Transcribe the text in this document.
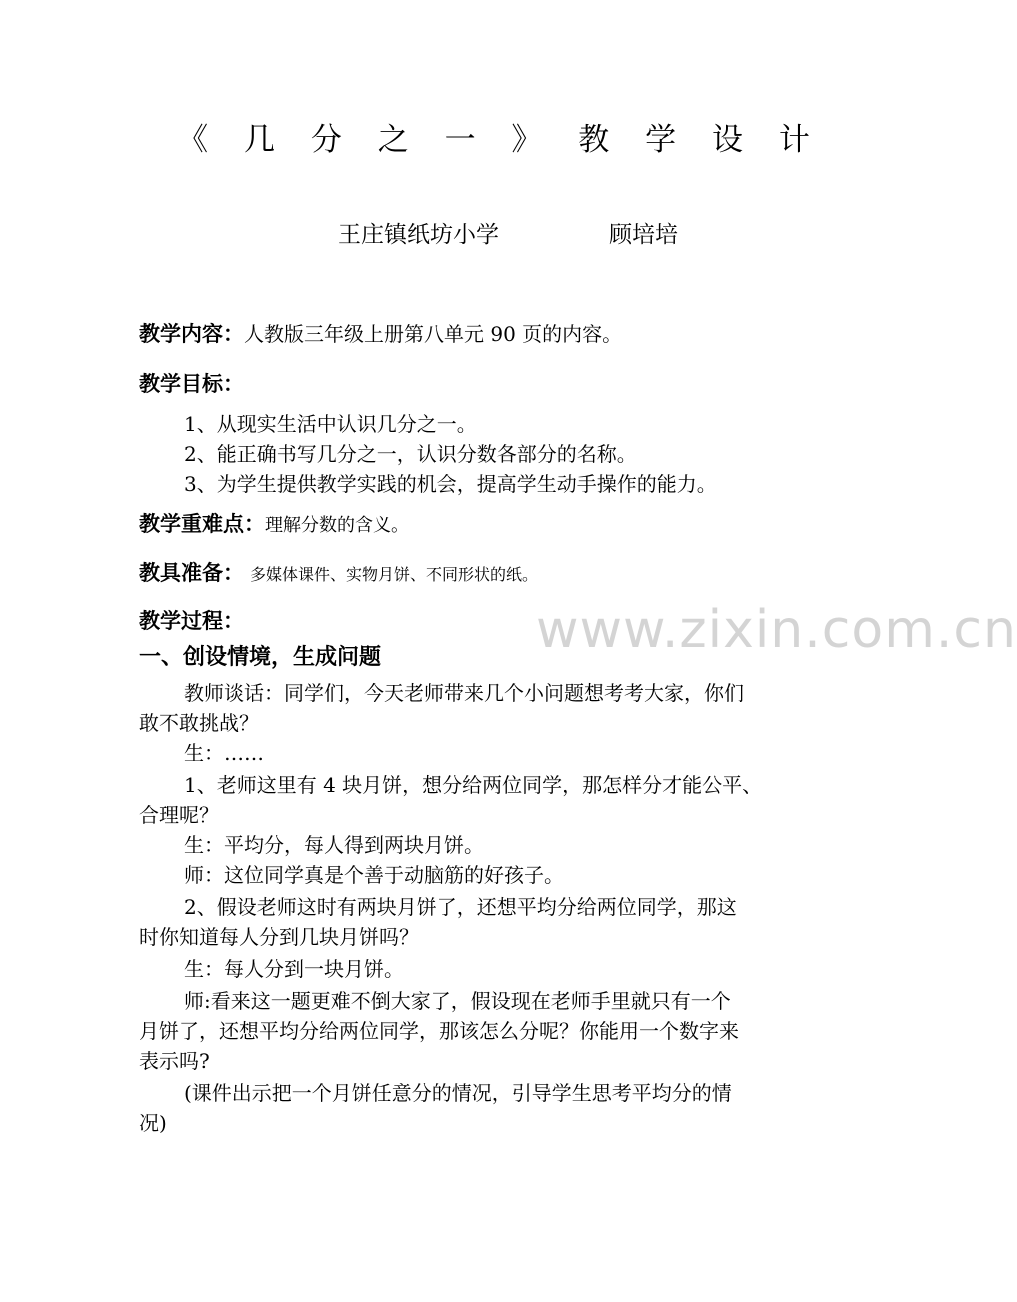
《 几 分 之 一 》 教 学 设 计
王庄镇纸坊小学	顾培培
教学内容：人教版三年级上册第八单元 90 页的内容。
教学目标：
1、从现实生活中认识几分之一。
2、能正确书写几分之一，认识分数各部分的名称。
3、为学生提供教学实践的机会，提高学生动手操作的能力。
教学重难点：理解分数的含义。
教具准备： 多媒体课件、实物月饼、不同形状的纸。
www.zixin.com.cn
教学过程：
一、创设情境，生成问题
教师谈话：同学们，今天老师带来几个小问题想考考大家，你们
敢不敢挑战？
生：……
1、老师这里有 4 块月饼，想分给两位同学，那怎样分才能公平、
合理呢？
生：平均分，每人得到两块月饼。
师：这位同学真是个善于动脑筋的好孩子。
2、假设老师这时有两块月饼了，还想平均分给两位同学，那这
时你知道每人分到几块月饼吗？
生：每人分到一块月饼。
师:看来这一题更难不倒大家了，假设现在老师手里就只有一个
月饼了，还想平均分给两位同学，那该怎么分呢？你能用一个数字来
表示吗?
(课件出示把一个月饼任意分的情况，引导学生思考平均分的情
况)
